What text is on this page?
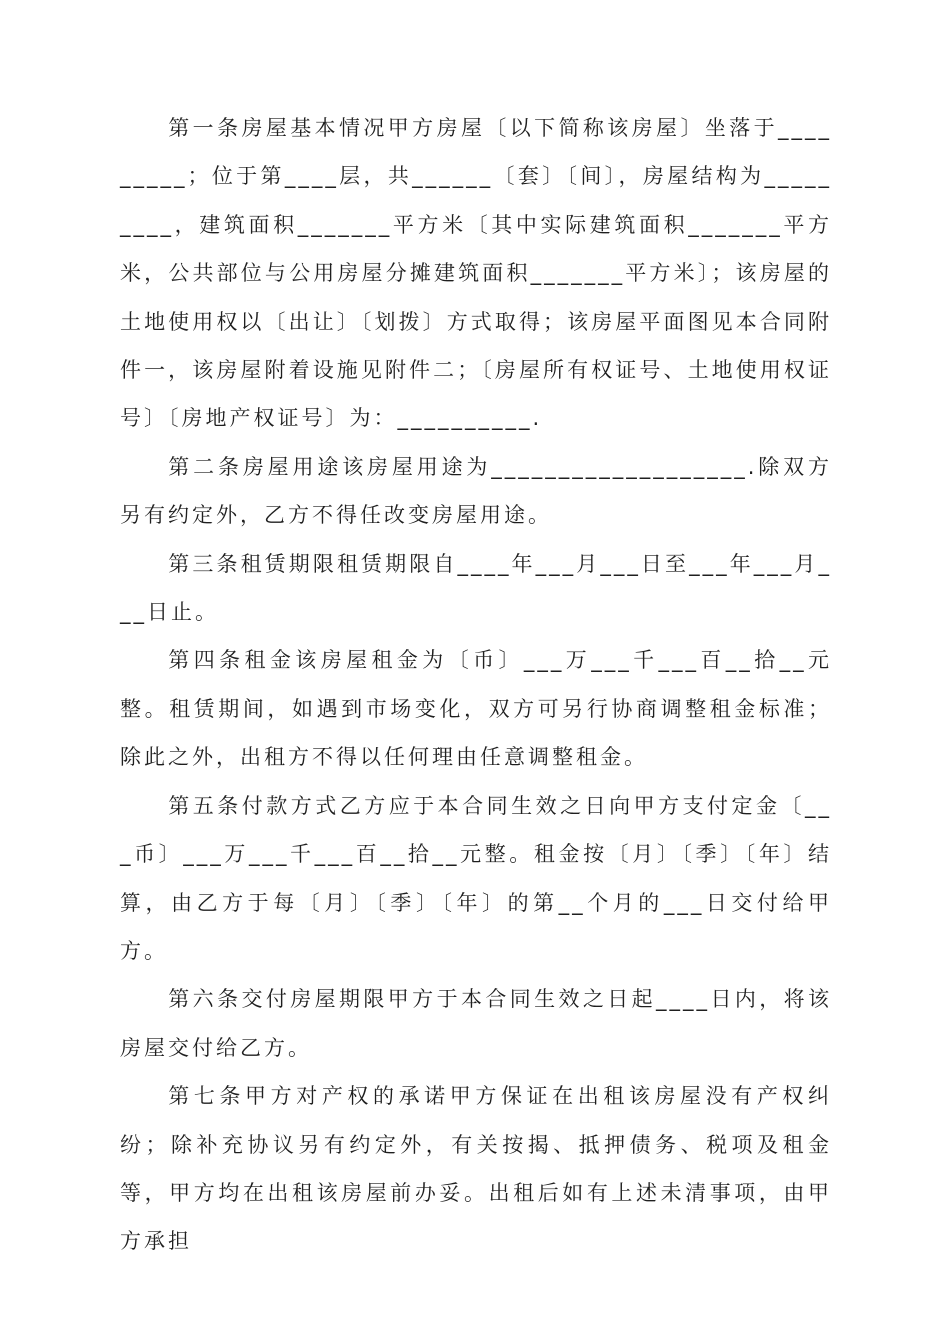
第一条房屋基本情况甲方房屋〔以下简称该房屋〕坐落于_________；位于第____层，共______〔套〕〔间〕，房屋结构为_________，建筑面积_______平方米〔其中实际建筑面积_______平方米，公共部位与公用房屋分摊建筑面积_______平方米〕；该房屋的土地使用权以〔出让〕〔划拨〕方式取得；该房屋平面图见本合同附件一，该房屋附着设施见附件二；〔房屋所有权证号、土地使用权证号〕〔房地产权证号〕为：__________.

第二条房屋用途该房屋用途为___________________.除双方另有约定外，乙方不得任改变房屋用途。

第三条租赁期限租赁期限自____年___月___日至___年___月___日止。

第四条租金该房屋租金为〔币〕___万___千___百__拾__元整。租赁期间，如遇到市场变化，双方可另行协商调整租金标准；除此之外，出租方不得以任何理由任意调整租金。

第五条付款方式乙方应于本合同生效之日向甲方支付定金〔___币〕___万___千___百__拾__元整。租金按〔月〕〔季〕〔年〕结算，由乙方于每〔月〕〔季〕〔年〕的第__个月的___日交付给甲方。

第六条交付房屋期限甲方于本合同生效之日起____日内，将该房屋交付给乙方。

第七条甲方对产权的承诺甲方保证在出租该房屋没有产权纠纷；除补充协议另有约定外，有关按揭、抵押债务、税项及租金等，甲方均在出租该房屋前办妥。出租后如有上述未清事项，由甲方承担
